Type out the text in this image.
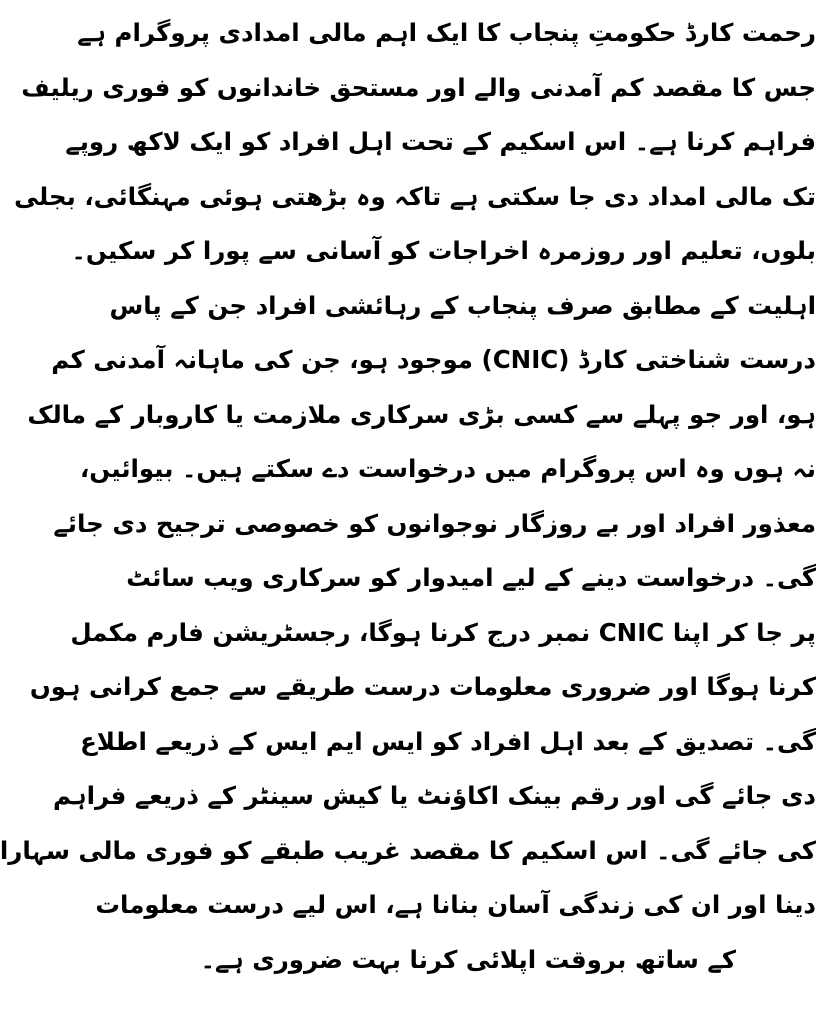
رحمت کارڈ حکومتِ پنجاب کا ایک اہم مالی امدادی پروگرام ہے
جس کا مقصد کم آمدنی والے اور مستحق خاندانوں کو فوری ریلیف
فراہم کرنا ہے۔ اس اسکیم کے تحت اہل افراد کو ایک لاکھ روپے
تک مالی امداد دی جا سکتی ہے تاکہ وہ بڑھتی ہوئی مہنگائی، بجلی
بلوں، تعلیم اور روزمرہ اخراجات کو آسانی سے پورا کر سکیں۔
اہلیت کے مطابق صرف پنجاب کے رہائشی افراد جن کے پاس
درست شناختی کارڈ (CNIC) موجود ہو، جن کی ماہانہ آمدنی کم
ہو، اور جو پہلے سے کسی بڑی سرکاری ملازمت یا کاروبار کے مالک
نہ ہوں وہ اس پروگرام میں درخواست دے سکتے ہیں۔ بیوائیں،
معذور افراد اور بے روزگار نوجوانوں کو خصوصی ترجیح دی جائے
گی۔ درخواست دینے کے لیے امیدوار کو سرکاری ویب سائٹ
پر جا کر اپنا CNIC نمبر درج کرنا ہوگا، رجسٹریشن فارم مکمل
کرنا ہوگا اور ضروری معلومات درست طریقے سے جمع کرانی ہوں
گی۔ تصدیق کے بعد اہل افراد کو ایس ایم ایس کے ذریعے اطلاع
دی جائے گی اور رقم بینک اکاؤنٹ یا کیش سینٹر کے ذریعے فراہم
کی جائے گی۔ اس اسکیم کا مقصد غریب طبقے کو فوری مالی سہارا
دینا اور ان کی زندگی آسان بنانا ہے، اس لیے درست معلومات
کے ساتھ بروقت اپلائی کرنا بہت ضروری ہے۔
